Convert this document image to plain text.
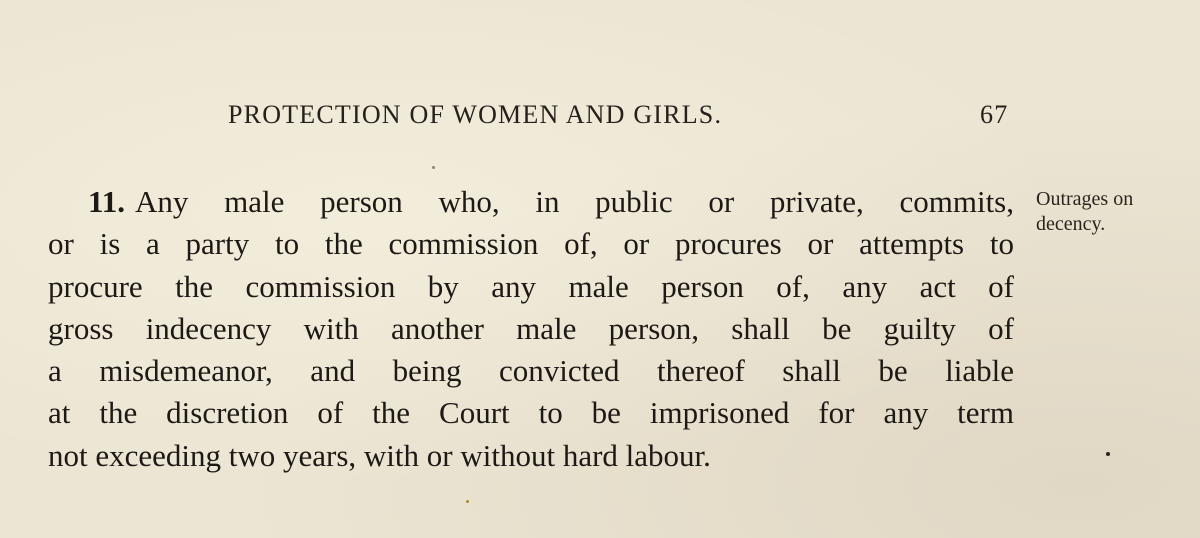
PROTECTION OF WOMEN AND GIRLS.	67
11. Any male person who, in public or private, commits,
or is a party to the commission of, or procures or attempts to
procure the commission by any male person of, any act of
gross indecency with another male person, shall be guilty of
a misdemeanor, and being convicted thereof shall be liable
at the discretion of the Court to be imprisoned for any term
not exceeding two years, with or without hard labour.
Outrages on
decency.
